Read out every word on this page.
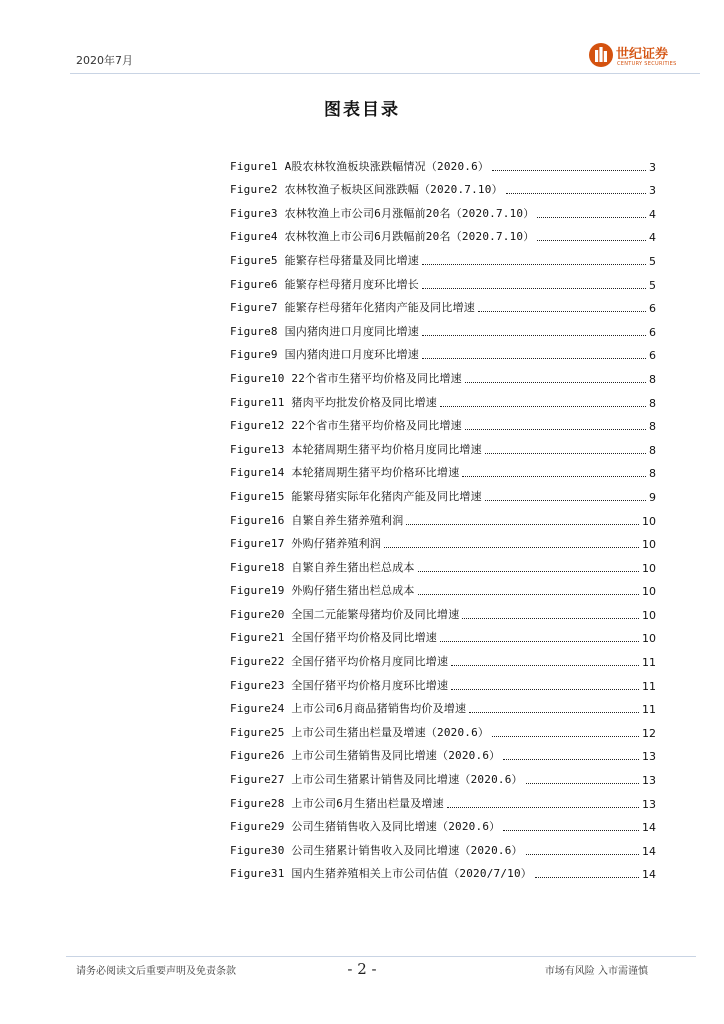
2020年7月	世纪证券
CENTURY SECURITIES
图表目录
Figure1 A股农林牧渔板块涨跌幅情况（2020.6）	3
Figure2 农林牧渔子板块区间涨跌幅（2020.7.10）	3
Figure3 农林牧渔上市公司6月涨幅前20名（2020.7.10）	4
Figure4 农林牧渔上市公司6月跌幅前20名（2020.7.10）	4
Figure5 能繁存栏母猪量及同比增速	5
Figure6 能繁存栏母猪月度环比增长	5
Figure7 能繁存栏母猪年化猪肉产能及同比增速	6
Figure8 国内猪肉进口月度同比增速	6
Figure9 国内猪肉进口月度环比增速	6
Figure10 22个省市生猪平均价格及同比增速	8
Figure11 猪肉平均批发价格及同比增速	8
Figure12 22个省市生猪平均价格及同比增速	8
Figure13 本轮猪周期生猪平均价格月度同比增速	8
Figure14 本轮猪周期生猪平均价格环比增速	8
Figure15 能繁母猪实际年化猪肉产能及同比增速	9
Figure16 自繁自养生猪养殖利润	10
Figure17 外购仔猪养殖利润	10
Figure18 自繁自养生猪出栏总成本	10
Figure19 外购仔猪生猪出栏总成本	10
Figure20 全国二元能繁母猪均价及同比增速	10
Figure21 全国仔猪平均价格及同比增速	10
Figure22 全国仔猪平均价格月度同比增速	11
Figure23 全国仔猪平均价格月度环比增速	11
Figure24 上市公司6月商品猪销售均价及增速	11
Figure25 上市公司生猪出栏量及增速（2020.6）	12
Figure26 上市公司生猪销售及同比增速（2020.6）	13
Figure27 上市公司生猪累计销售及同比增速（2020.6）	13
Figure28 上市公司6月生猪出栏量及增速	13
Figure29 公司生猪销售收入及同比增速（2020.6）	14
Figure30 公司生猪累计销售收入及同比增速（2020.6）	14
Figure31 国内生猪养殖相关上市公司估值（2020/7/10）	14
请务必阅读文后重要声明及免责条款	- 2 -	市场有风险 入市需谨慎
